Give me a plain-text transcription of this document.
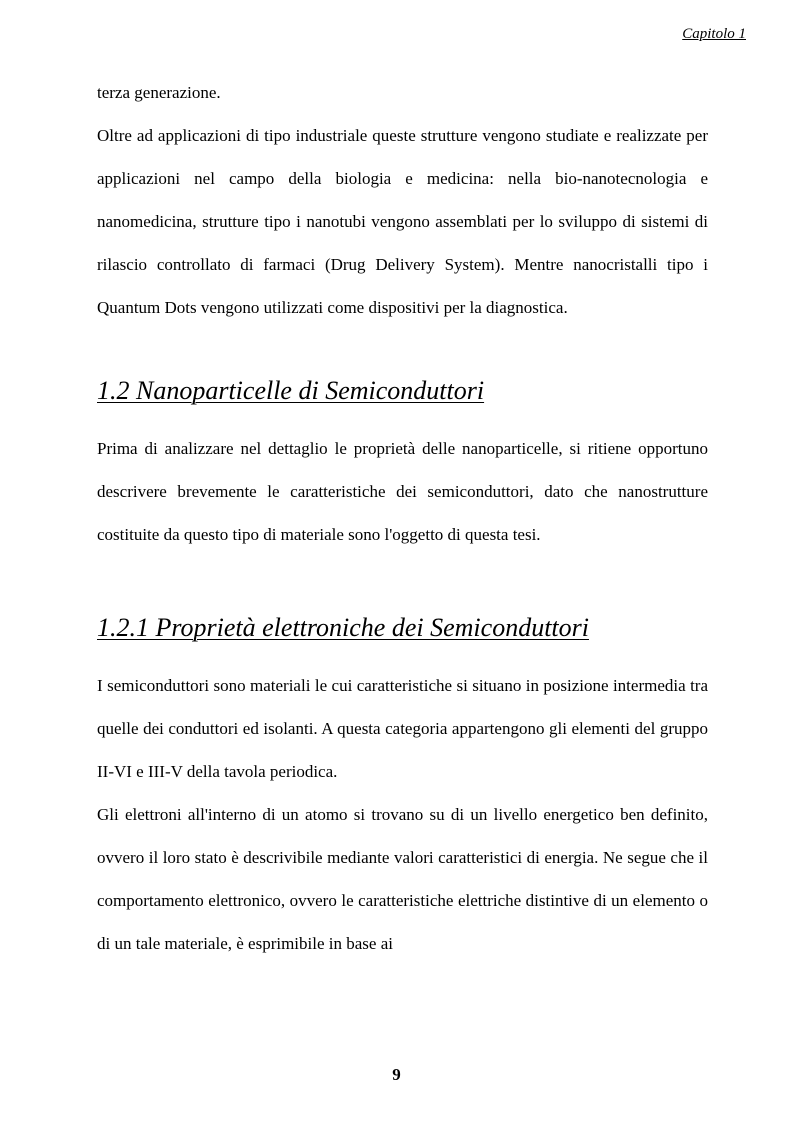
Capitolo 1

terza generazione.

Oltre ad applicazioni di tipo industriale queste strutture vengono studiate e realizzate per applicazioni nel campo della biologia e medicina: nella bio-nanotecnologia e nanomedicina, strutture tipo i nanotubi vengono assemblati per lo sviluppo di sistemi di rilascio controllato di farmaci (Drug Delivery System). Mentre nanocristalli tipo i Quantum Dots vengono utilizzati come dispositivi per la diagnostica.

1.2 Nanoparticelle di Semiconduttori

Prima di analizzare nel dettaglio le proprietà delle nanoparticelle, si ritiene opportuno descrivere brevemente le caratteristiche dei semiconduttori, dato che nanostrutture costituite da questo tipo di materiale sono l'oggetto di questa tesi.

1.2.1 Proprietà elettroniche dei Semiconduttori

I semiconduttori sono materiali le cui caratteristiche si situano in posizione intermedia tra quelle dei conduttori ed isolanti. A questa categoria appartengono gli elementi del gruppo II-VI e III-V della tavola periodica.

Gli elettroni all'interno di un atomo si trovano su di un livello energetico ben definito, ovvero il loro stato è descrivibile mediante valori caratteristici di energia. Ne segue che il comportamento elettronico, ovvero le caratteristiche elettriche distintive di un elemento o di un tale materiale, è esprimibile in base ai

9
